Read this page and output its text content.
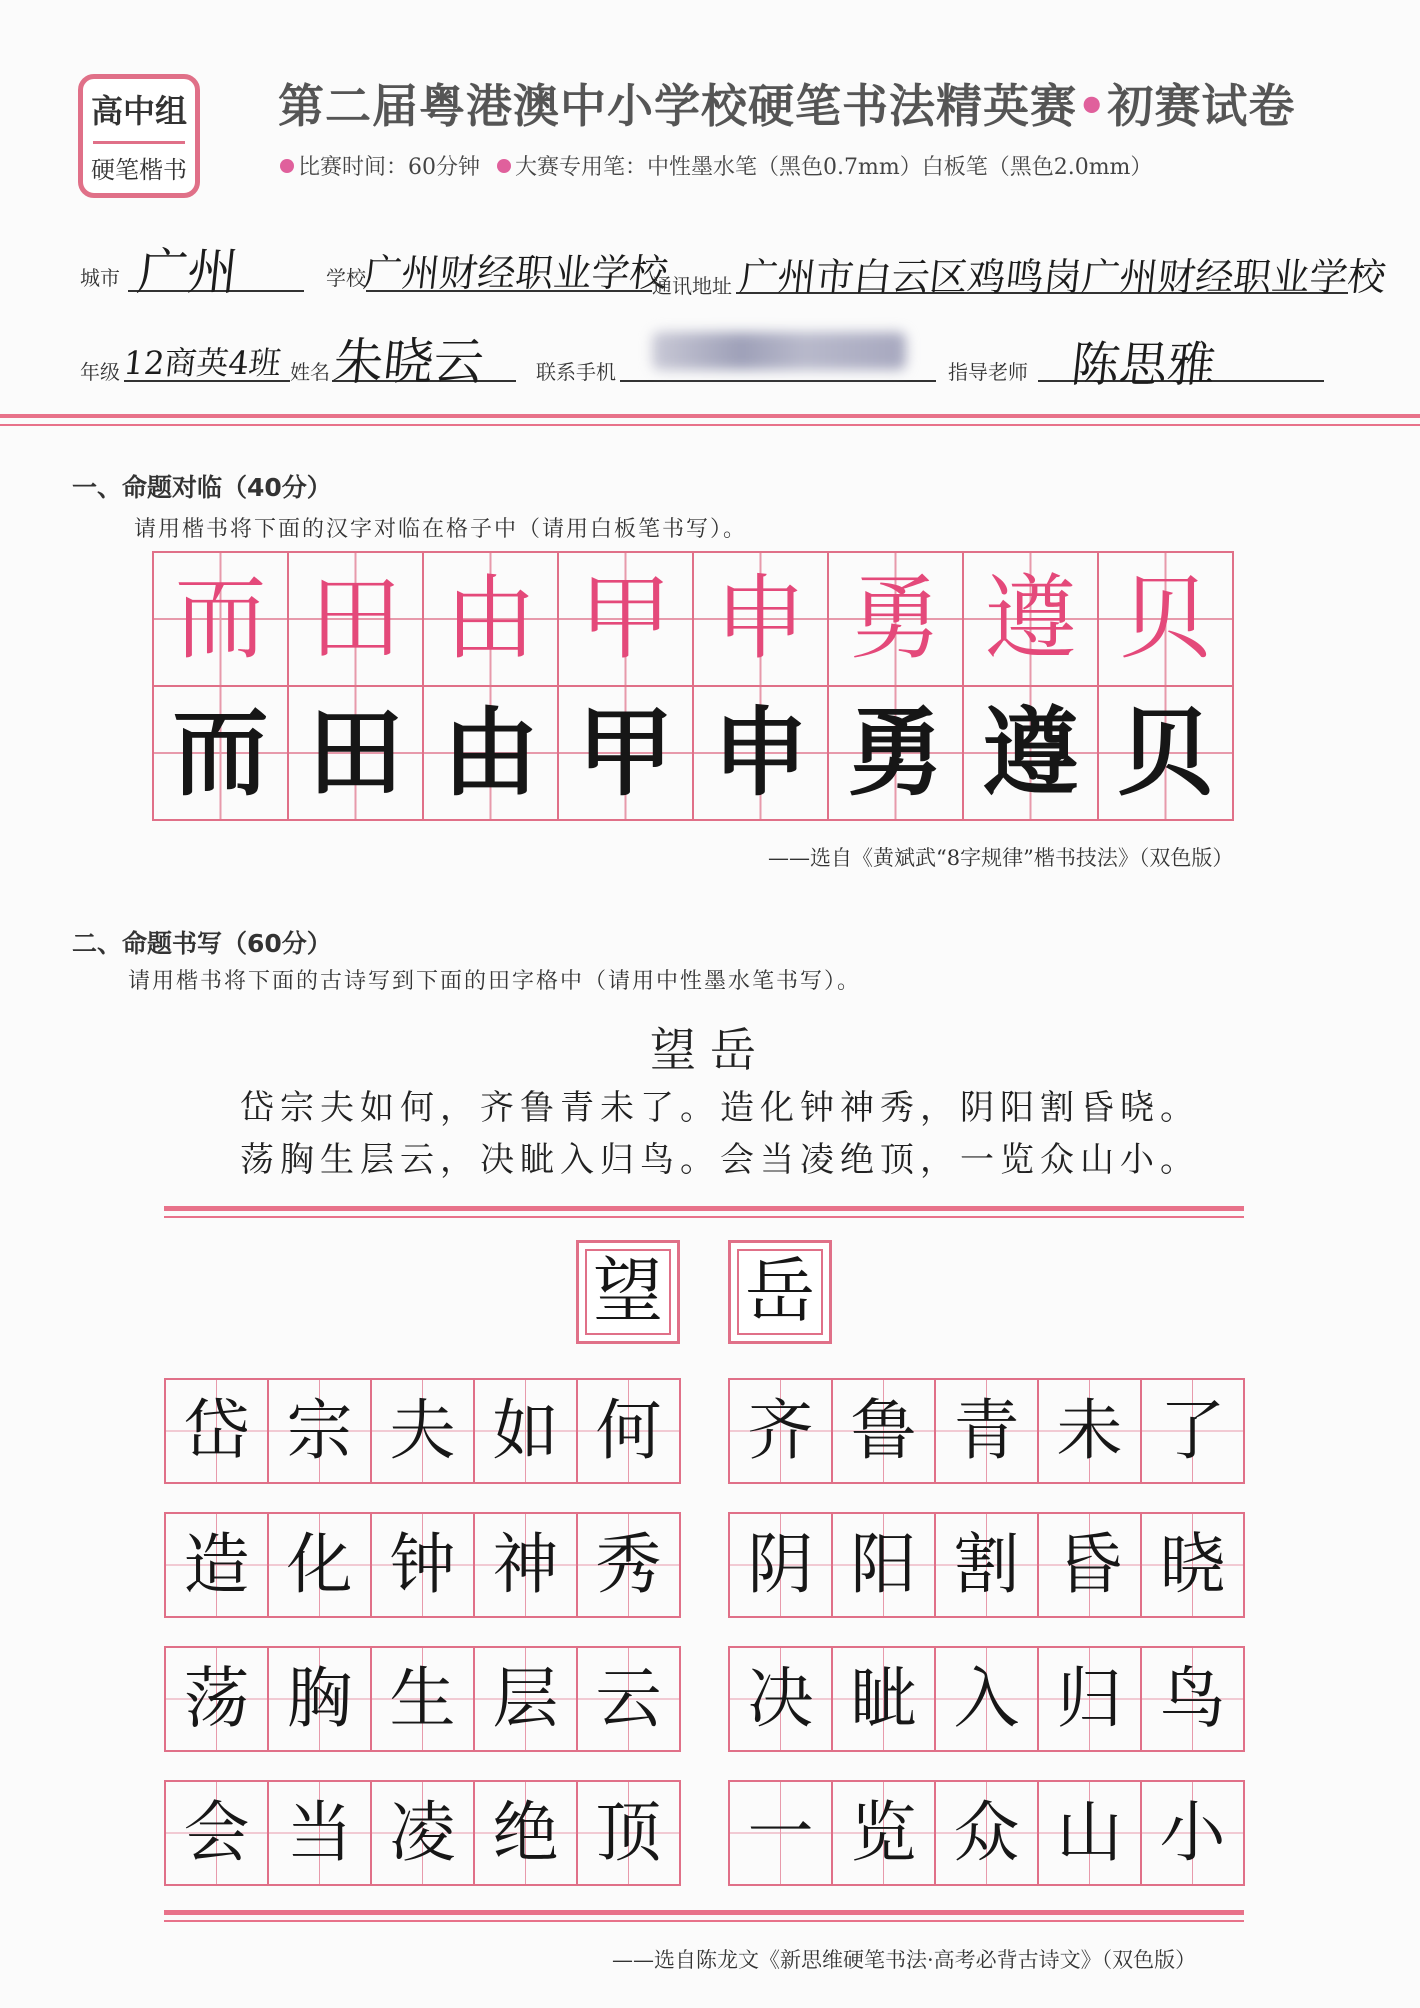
高中组
硬笔楷书
第二届粤港澳中小学校硬笔书法精英赛•初赛试卷
比赛时间：60分钟 大赛专用笔：中性墨水笔（黑色0.7mm）白板笔（黑色2.0mm）
城市 广州	学校
广州财经职业学校
通讯地址 广州市白云区鸡鸣岗广州财经职业学校
年级 12商英4班 姓名 朱晓云 联系手机	指导老师 陈思雅
一、命题对临（40分）
请用楷书将下面的汉字对临在格子中（请用白板笔书写）。
而	田	由	甲	申	勇	遵	贝
而	田	由	甲	申	勇	遵	贝
——选自《黄斌武“8字规律”楷书技法》（双色版）
二、命题书写（60分）
请用楷书将下面的古诗写到下面的田字格中（请用中性墨水笔书写）。
望岳
岱宗夫如何，齐鲁青未了。造化钟神秀，阴阳割昏晓。
荡胸生层云，决眦入归鸟。会当凌绝顶，一览众山小。
望 岳
岱	宗	夫	如	何

造	化	钟	神	秀

荡	胸	生	层	云

会	当	凌	绝	顶
齐	鲁	青	未	了

阴	阳	割	昏	晓

决	眦	入	归	鸟

一	览	众	山	小
——选自陈龙文《新思维硬笔书法·高考必背古诗文》（双色版）
